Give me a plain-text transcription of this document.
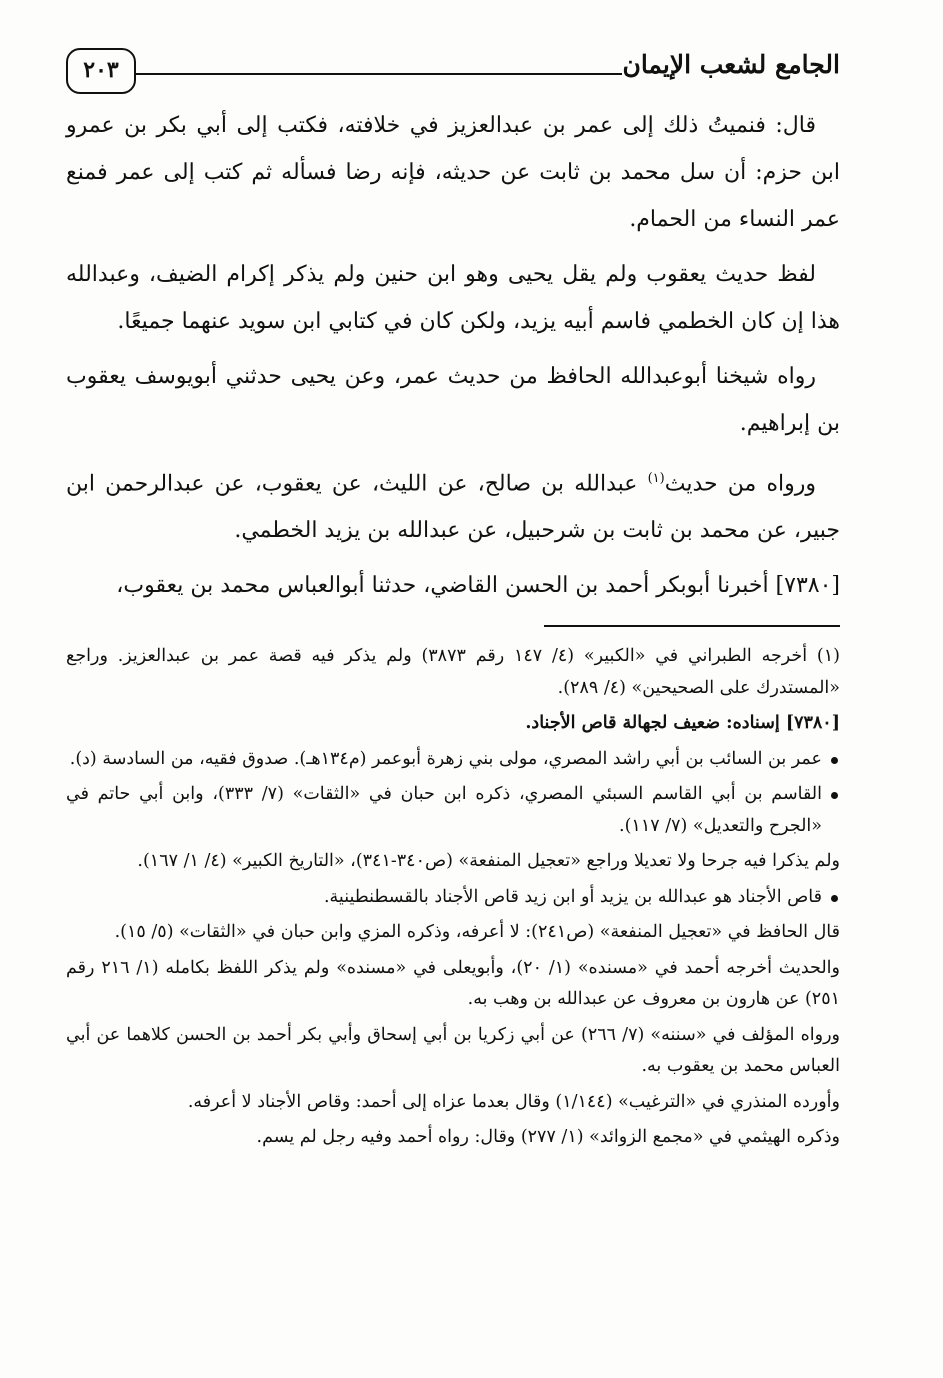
الجامع لشعب الإيمان
٢٠٣

قال: فنميتُ ذلك إلى عمر بن عبدالعزيز في خلافته، فكتب إلى أبي بكر بن عمرو ابن حزم: أن سل محمد بن ثابت عن حديثه، فإنه رضا فسأله ثم كتب إلى عمر فمنع عمر النساء من الحمام.

لفظ حديث يعقوب ولم يقل يحيى وهو ابن حنين ولم يذكر إكرام الضيف، وعبدالله هذا إن كان الخطمي فاسم أبيه يزيد، ولكن كان في كتابي ابن سويد عنهما جميعًا.

رواه شيخنا أبوعبدالله الحافظ من حديث عمر، وعن يحيى حدثني أبويوسف يعقوب بن إبراهيم.

ورواه من حديث$^{(١)}$ عبدالله بن صالح، عن الليث، عن يعقوب، عن عبدالرحمن ابن جبير، عن محمد بن ثابت بن شرحبيل، عن عبدالله بن يزيد الخطمي.

[٧٣٨٠] أخبرنا أبوبكر أحمد بن الحسن القاضي، حدثنا أبوالعباس محمد بن يعقوب،

(١) أخرجه الطبراني في «الكبير» (٤/ ١٤٧ رقم ٣٨٧٣) ولم يذكر فيه قصة عمر بن عبدالعزيز. وراجع «المستدرك على الصحيحين» (٤/ ٢٨٩).

[٧٣٨٠] إسناده: ضعيف لجهالة قاص الأجناد.

عمر بن السائب بن أبي راشد المصري، مولى بني زهرة أبوعمر (م١٣٤هـ). صدوق فقيه، من السادسة (د).

القاسم بن أبي القاسم السبئي المصري، ذكره ابن حبان في «الثقات» (٧/ ٣٣٣)، وابن أبي حاتم في «الجرح والتعديل» (٧/ ١١٧).

ولم يذكرا فيه جرحا ولا تعديلا وراجع «تعجيل المنفعة» (ص٣٤٠-٣٤١)، «التاريخ الكبير» (٤/ ١/ ١٦٧).

قاص الأجناد هو عبدالله بن يزيد أو ابن زيد قاص الأجناد بالقسطنطينية.

قال الحافظ في «تعجيل المنفعة» (ص٢٤١): لا أعرفه، وذكره المزي وابن حبان في «الثقات» (٥/ ١٥).

والحديث أخرجه أحمد في «مسنده» (١/ ٢٠)، وأبويعلى في «مسنده» ولم يذكر اللفظ بكامله (١/ ٢١٦ رقم ٢٥١) عن هارون بن معروف عن عبدالله بن وهب به.

ورواه المؤلف في «سننه» (٧/ ٢٦٦) عن أبي زكريا بن أبي إسحاق وأبي بكر أحمد بن الحسن كلاهما عن أبي العباس محمد بن يعقوب به.

وأورده المنذري في «الترغيب» (١/١٤٤) وقال بعدما عزاه إلى أحمد: وقاص الأجناد لا أعرفه.

وذكره الهيثمي في «مجمع الزوائد» (١/ ٢٧٧) وقال: رواه أحمد وفيه رجل لم يسم.
